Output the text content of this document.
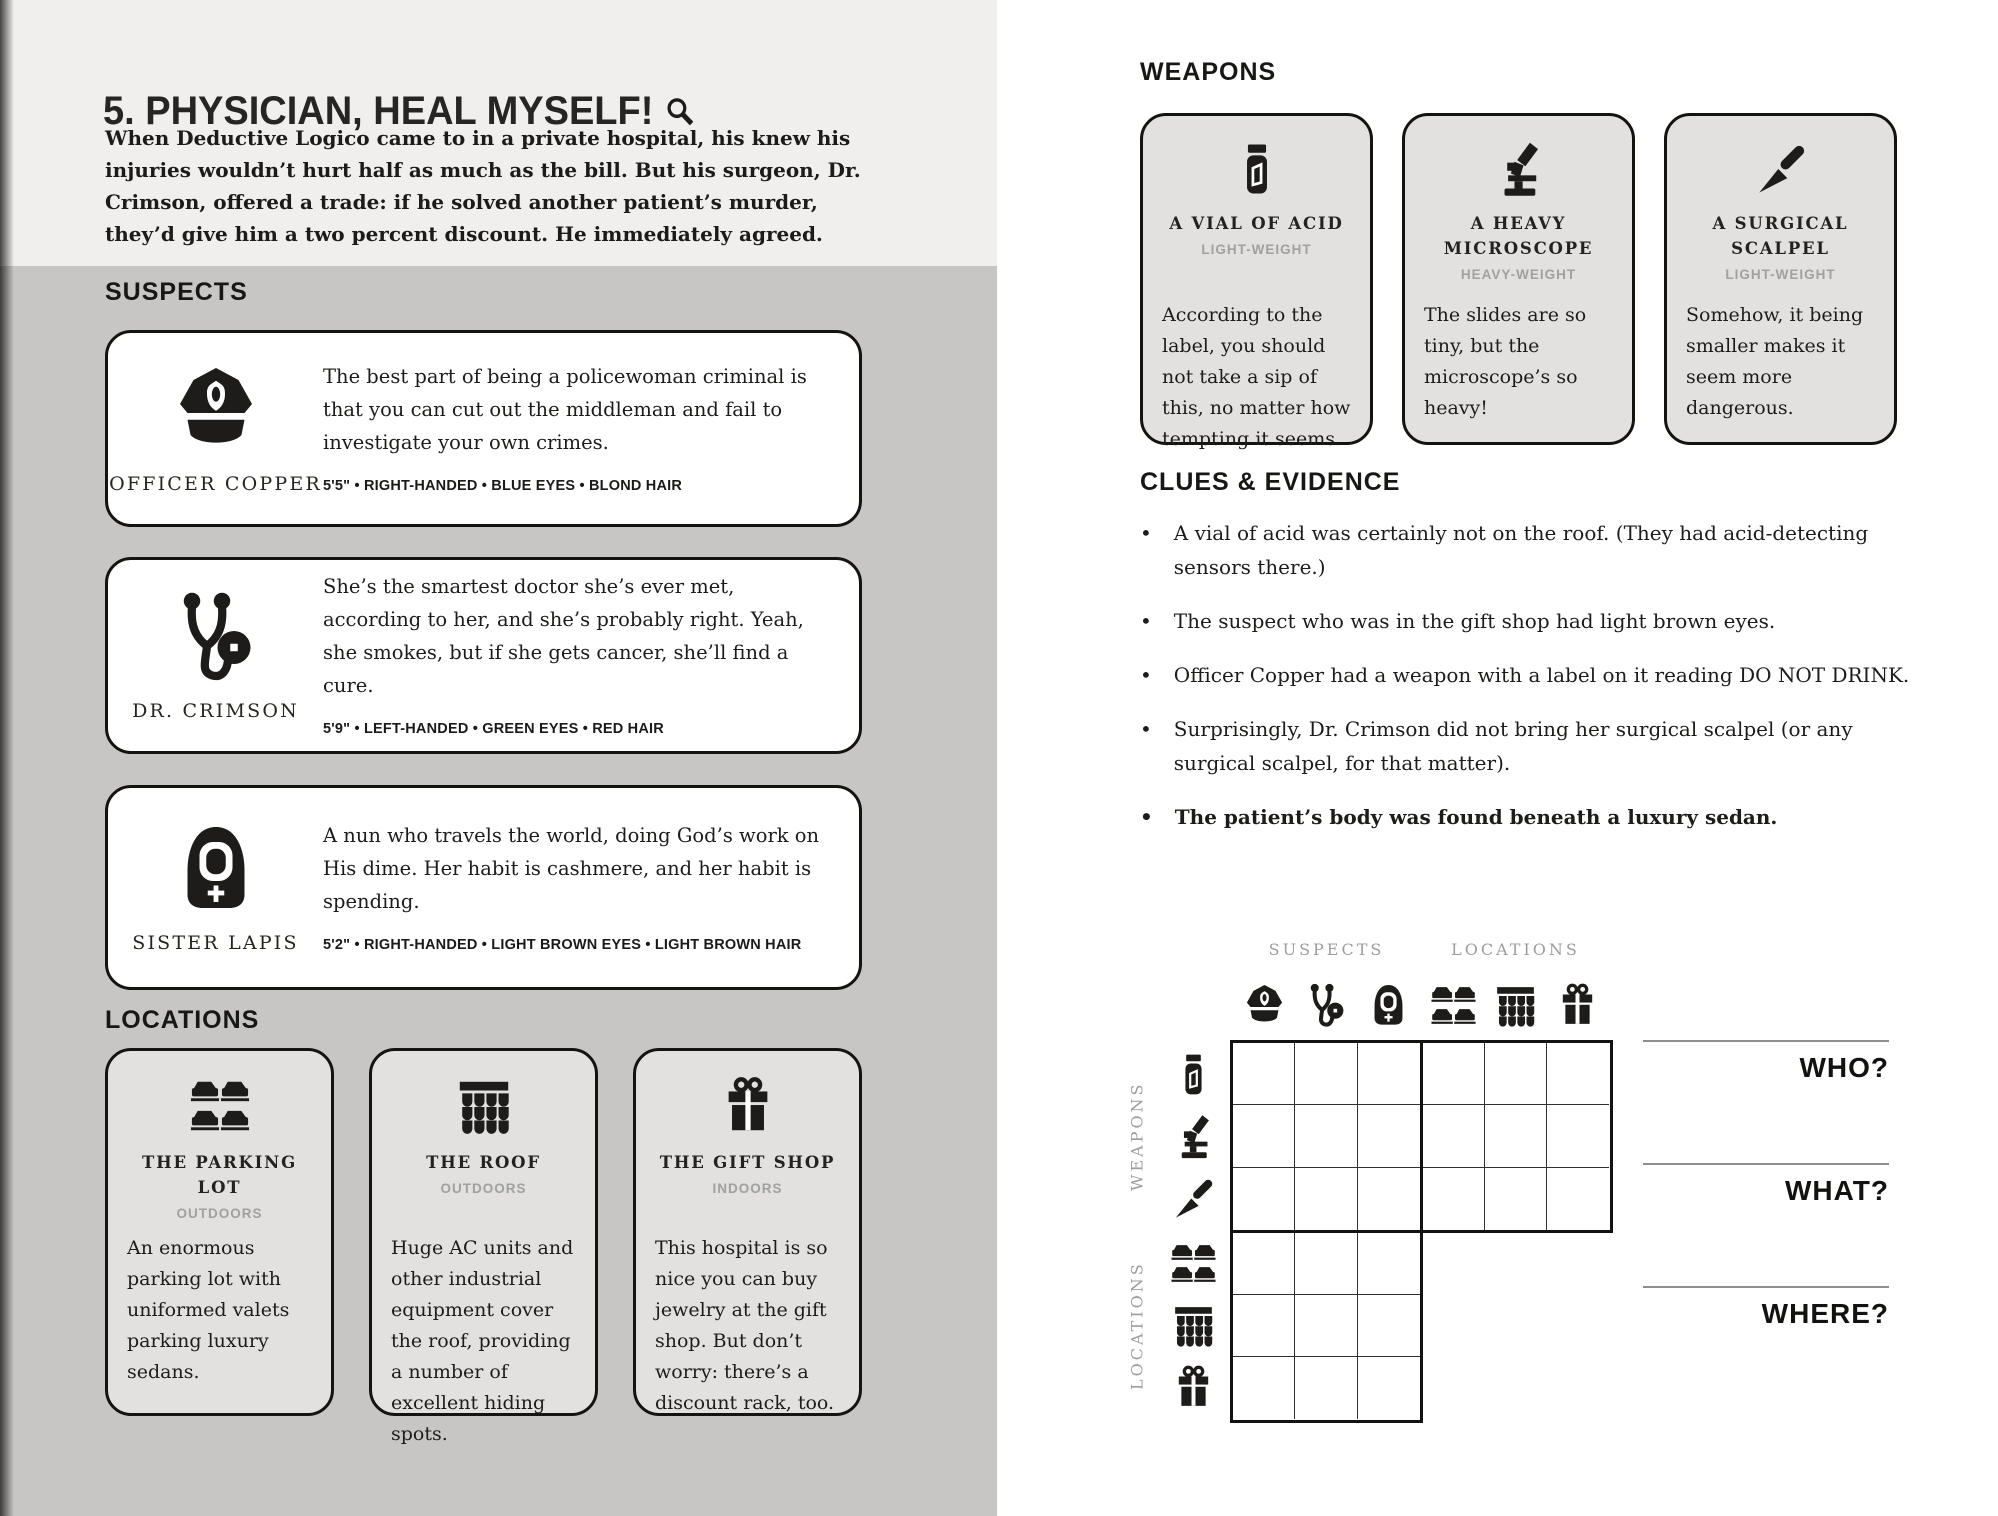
5. PHYSICIAN, HEAL MYSELF!

When Deductive Logico came to in a private hospital, his knew his injuries wouldn’t hurt half as much as the bill. But his surgeon, Dr. Crimson, offered a trade: if he solved another patient’s murder, they’d give him a two percent discount. He immediately agreed.

SUSPECTS
OFFICER COPPER

The best part of being a policewoman criminal is that you can cut out the middleman and fail to investigate your own crimes.

5'5" • RIGHT-HANDED • BLUE EYES • BLOND HAIR

DR. CRIMSON

She’s the smartest doctor she’s ever met, according to her, and she’s probably right. Yeah, she smokes, but if she gets cancer, she’ll find a cure.

5'9" • LEFT-HANDED • GREEN EYES • RED HAIR

SISTER LAPIS

A nun who travels the world, doing God’s work on His dime. Her habit is cashmere, and her habit is spending.

5'2" • RIGHT-HANDED • LIGHT BROWN EYES • LIGHT BROWN HAIR

LOCATIONS
THE PARKING LOT
OUTDOORS

An enormous parking lot with uniformed valets parking luxury sedans.

THE ROOF
OUTDOORS

Huge AC units and other industrial equipment cover the roof, providing a number of excellent hiding spots.

THE GIFT SHOP
INDOORS

This hospital is so nice you can buy jewelry at the gift shop. But don’t worry: there’s a discount rack, too.

WEAPONS
A VIAL OF ACID
LIGHT-WEIGHT

According to the label, you should not take a sip of this, no matter how tempting it seems.

A HEAVY MICROSCOPE
HEAVY-WEIGHT

The slides are so tiny, but the microscope’s so heavy!

A SURGICAL SCALPEL
LIGHT-WEIGHT

Somehow, it being smaller makes it seem more dangerous.

CLUES & EVIDENCE
• A vial of acid was certainly not on the roof. (They had acid-detecting sensors there.)
• The suspect who was in the gift shop had light brown eyes.
• Officer Copper had a weapon with a label on it reading DO NOT DRINK.
• Surprisingly, Dr. Crimson did not bring her surgical scalpel (or any surgical scalpel, for that matter).
• The patient’s body was found beneath a luxury sedan.
SUSPECTS	LOCATIONS
WEAPONS
LOCATIONS
WHO?
WHAT?
WHERE?
